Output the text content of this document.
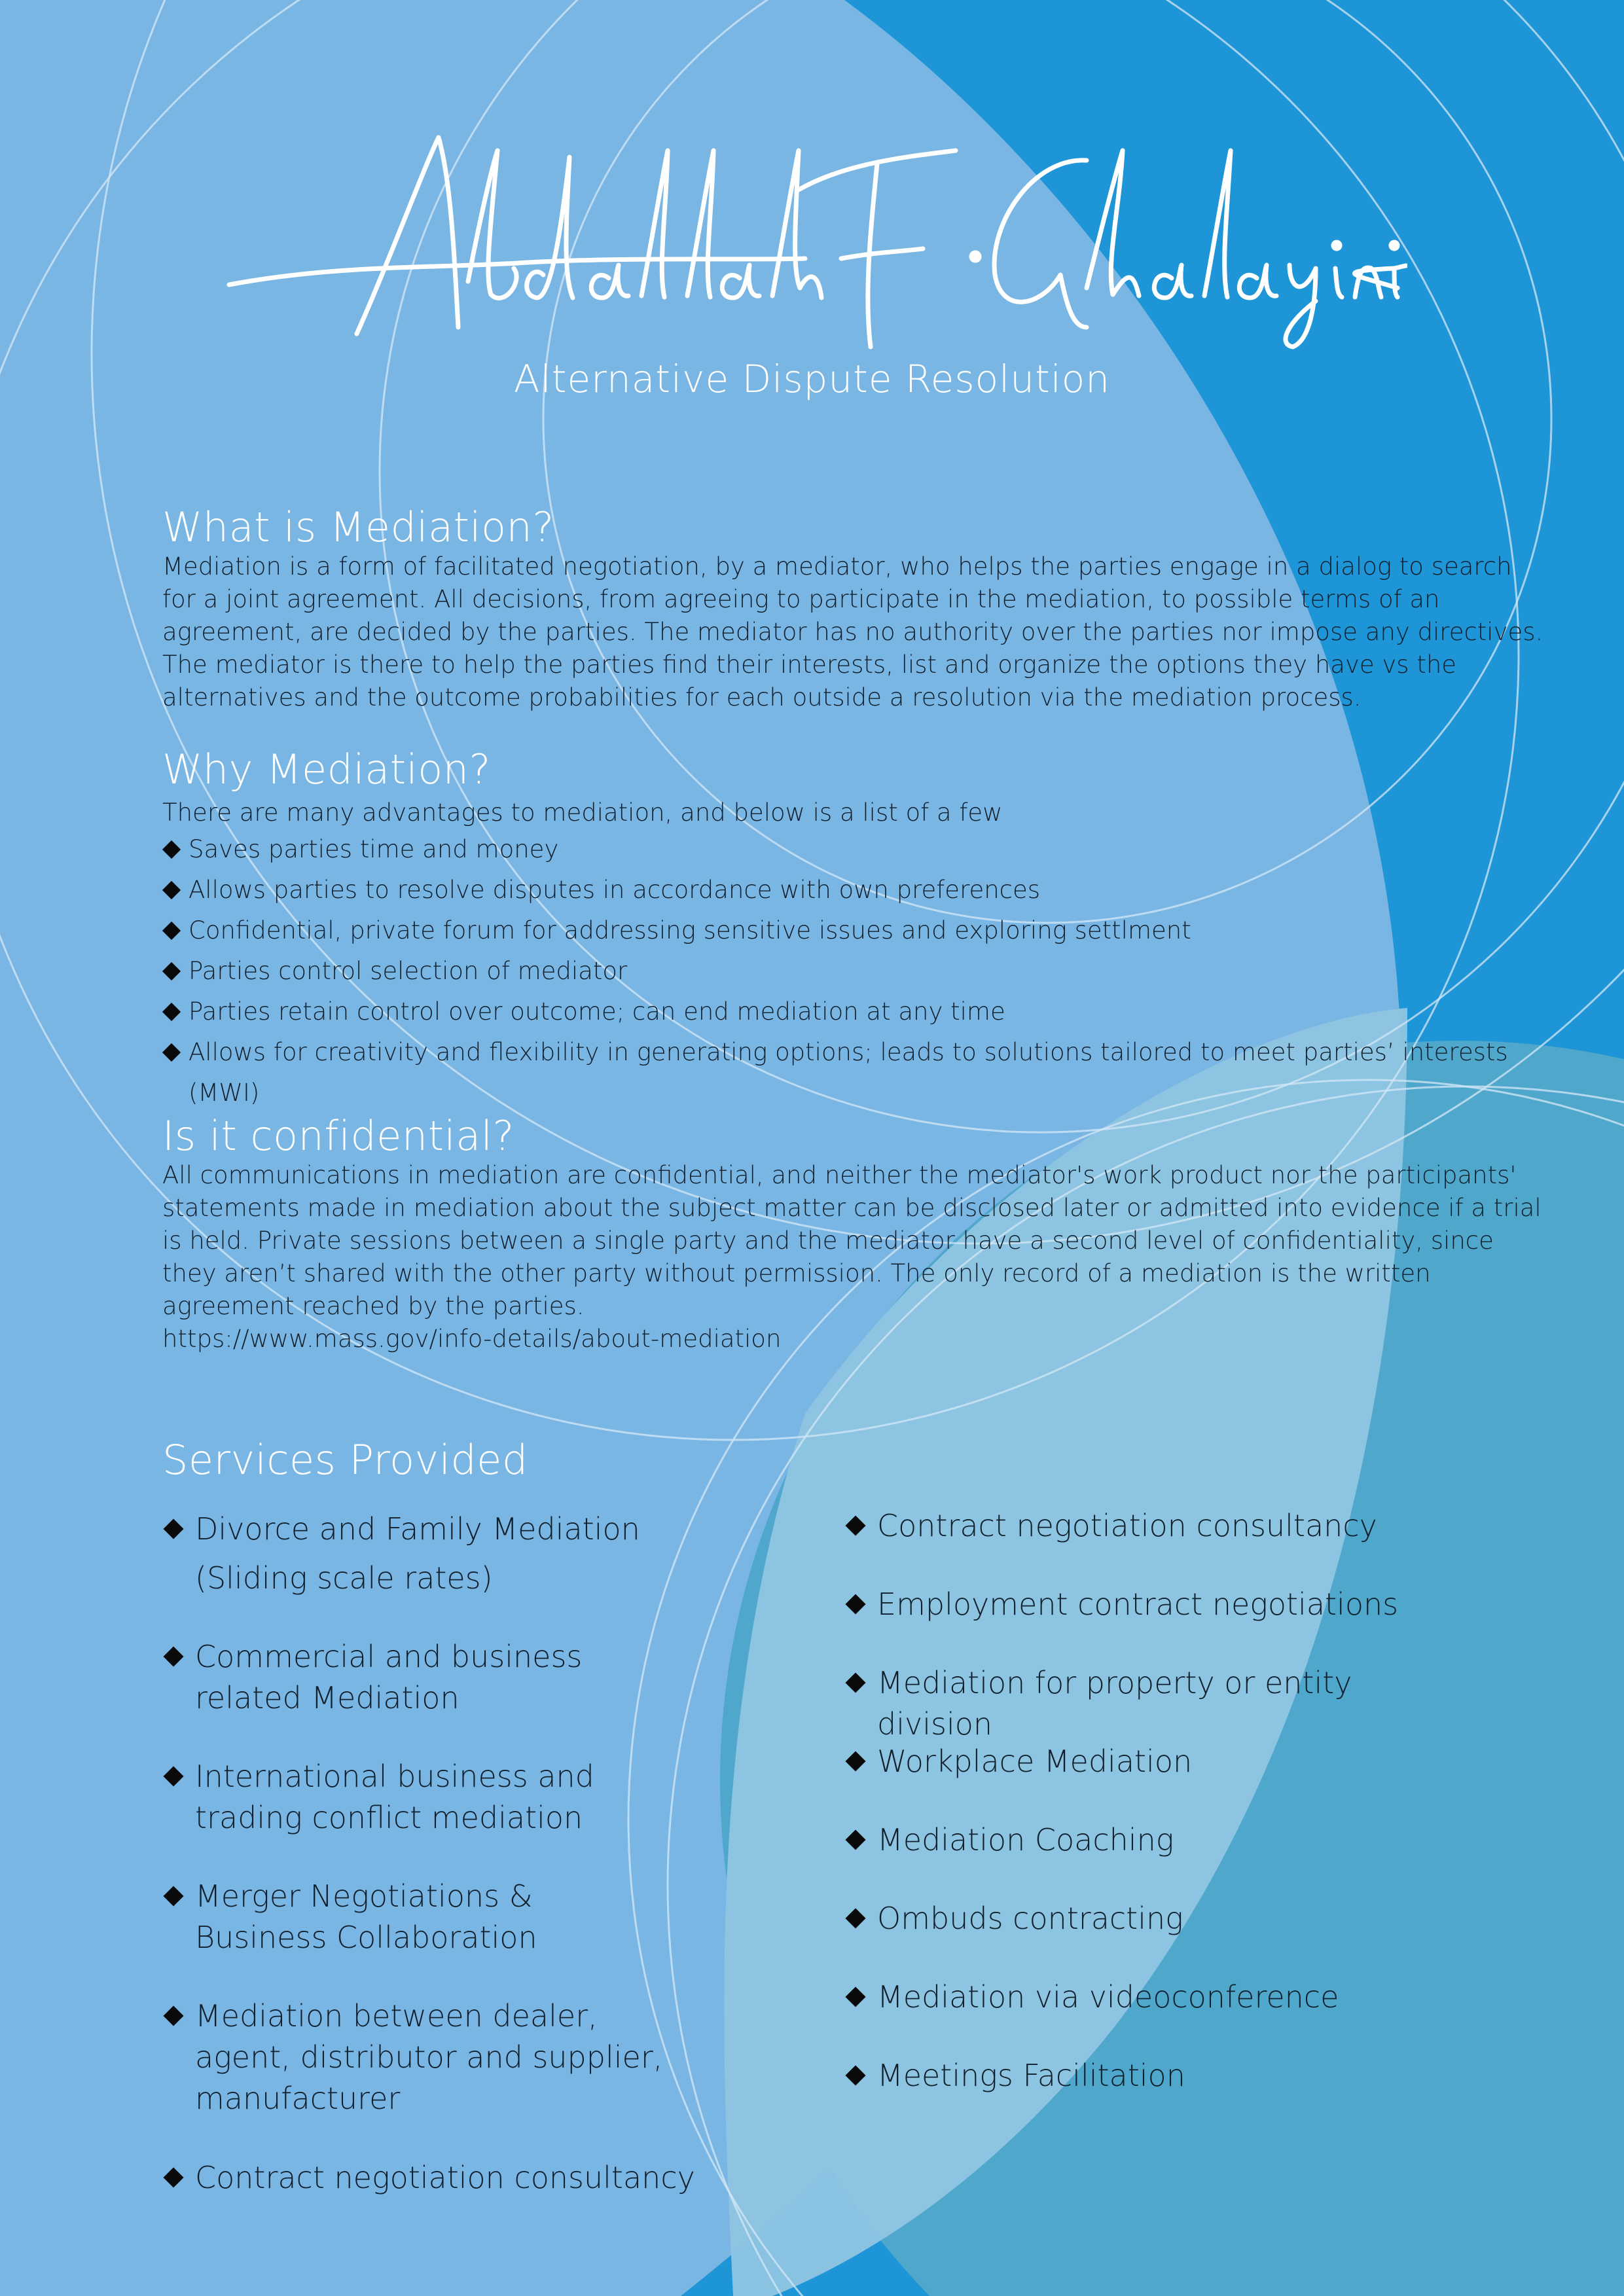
Alternative Dispute Resolution
What is Mediation?

Mediation is a form of facilitated negotiation, by a mediator, who helps the parties engage in a dialog to search for a joint agreement. All decisions, from agreeing to participate in the mediation, to possible terms of an agreement, are decided by the parties. The mediator has no authority over the parties nor impose any directives. The mediator is there to help the parties find their interests, list and organize the options they have vs the alternatives and the outcome probabilities for each outside a resolution via the mediation process.

Why Mediation?

There are many advantages to mediation, and below is a list of a few

Saves parties time and money
Allows parties to resolve disputes in accordance with own preferences
Confidential, private forum for addressing sensitive issues and exploring settlment
Parties control selection of mediator
Parties retain control over outcome; can end mediation at any time
Allows for creativity and flexibility in generating options; leads to solutions tailored to meet parties’ interests (MWI)
Is it confidential?

All communications in mediation are confidential, and neither the mediator's work product nor the participants' statements made in mediation about the subject matter can be disclosed later or admitted into evidence if a trial is held. Private sessions between a single party and the mediator have a second level of confidentiality, since they aren’t shared with the other party without permission. The only record of a mediation is the written agreement reached by the parties.

https://www.mass.gov/info-details/about-mediation

Services Provided
Divorce and Family Mediation
(Sliding scale rates)
Commercial and business
related Mediation
International business and
trading conflict mediation
Merger Negotiations &
Business Collaboration
Mediation between dealer,
agent, distributor and supplier,
manufacturer
Contract negotiation consultancy
Contract negotiation consultancy
Employment contract negotiations
Mediation for property or entity division
Workplace Mediation
Mediation Coaching
Ombuds contracting
Mediation via videoconference
Meetings Facilitation
